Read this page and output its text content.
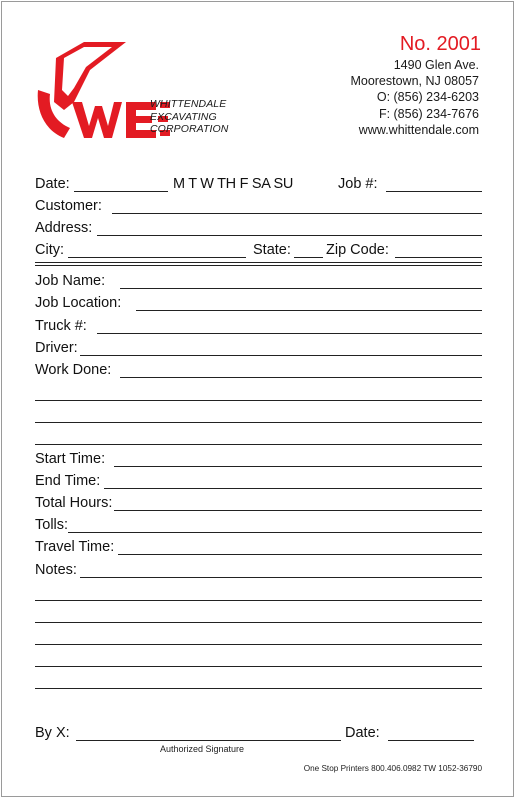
WHITTENDALE
EXCAVATING
CORPORATION
No. 2001
1490 Glen Ave.
Moorestown, NJ 08057
O: (856) 234-6203
F: (856) 234-7676
www.whittendale.com
Date:	M T W TH F SA SU	Job #:
Customer:
Address:
City:	State: Zip Code:
Job Name:
Job Location:
Truck #:
Driver:
Work Done:
Start Time:
End Time:
Total Hours:
Tolls:
Travel Time:
Notes:
By X:
Authorized Signature
Date:
One Stop Printers 800.406.0982 TW 1052-36790
